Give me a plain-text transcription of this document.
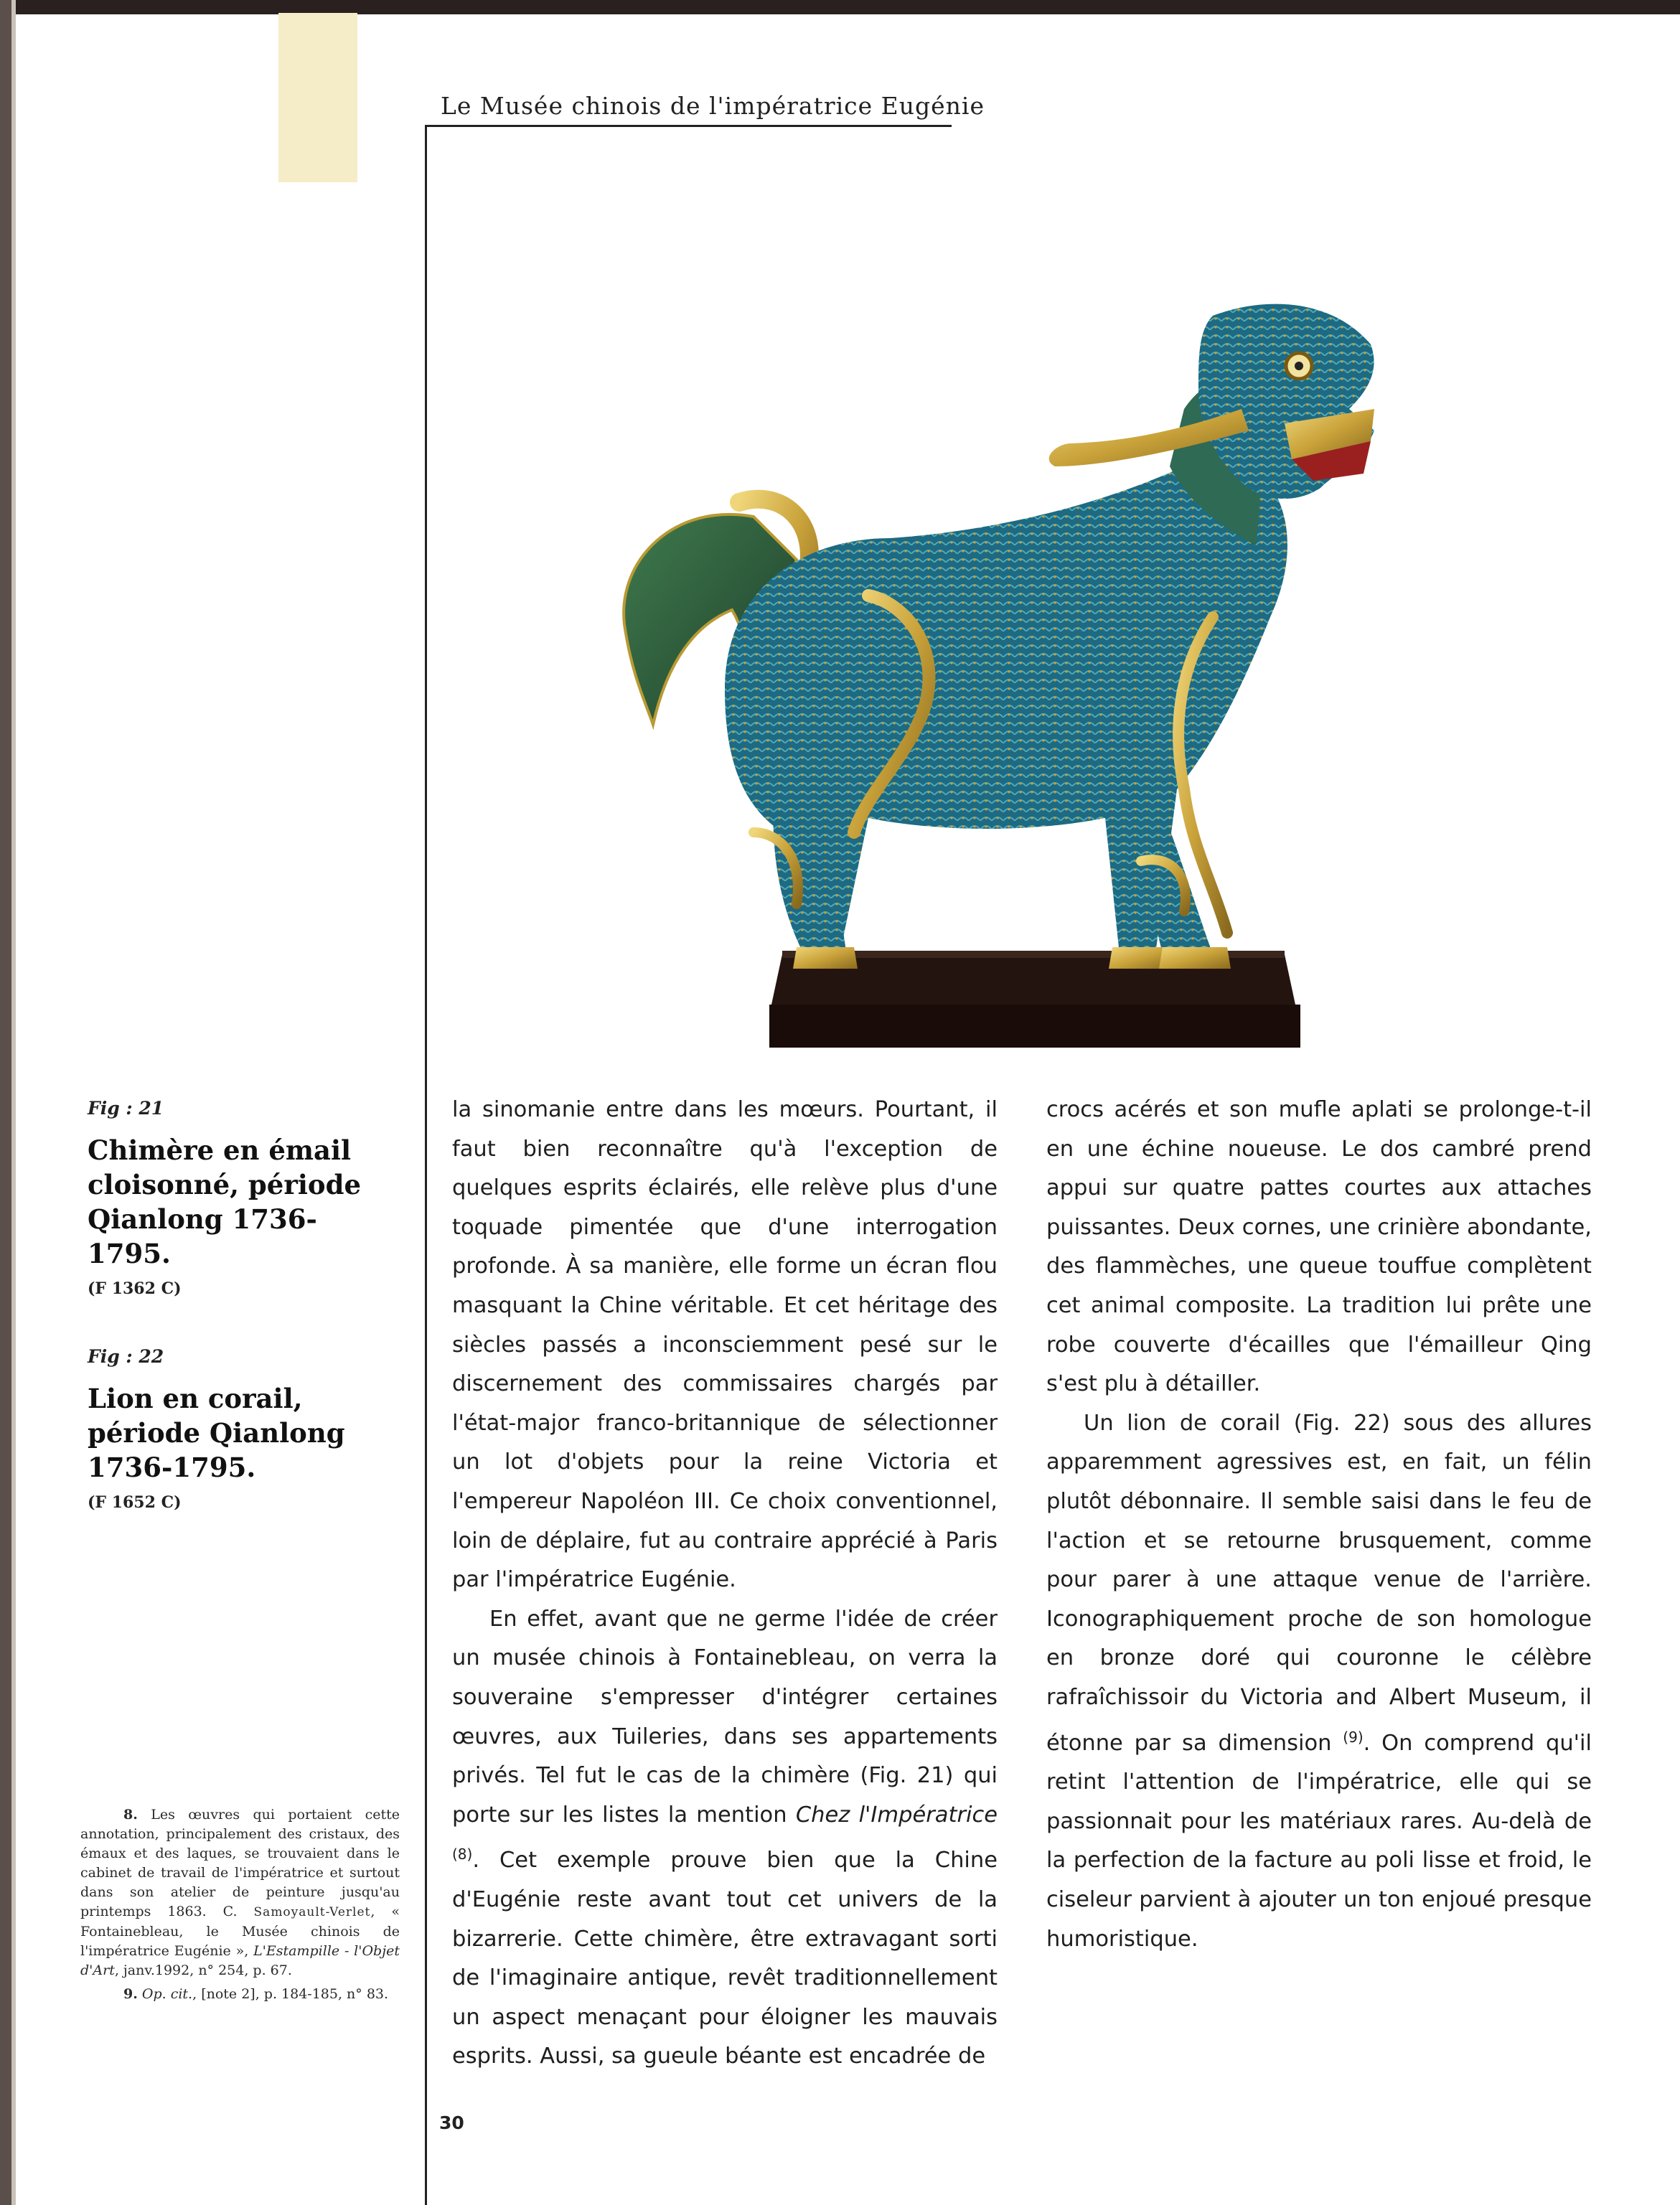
Le Musée chinois de l'impératrice Eugénie

Fig : 21

Chimère en émail cloisonné, période Qianlong 1736-1795.

(F 1362 C)

Fig : 22

Lion en corail, période Qianlong 1736-1795.

(F 1652 C)

8. Les œuvres qui portaient cette annotation, principalement des cristaux, des émaux et des laques, se trouvaient dans le cabinet de travail de l'impératrice et surtout dans son atelier de peinture jusqu'au printemps 1863. C. Samoyault-Verlet, « Fontainebleau, le Musée chinois de l'impératrice Eugénie », L'Estampille - l'Objet d'Art, janv.1992, n° 254, p. 67.

9. Op. cit., [note 2], p. 184-185, n° 83.

la sinomanie entre dans les mœurs. Pourtant, il faut bien reconnaître qu'à l'exception de quelques esprits éclairés, elle relève plus d'une toquade pimentée que d'une interrogation profonde. À sa manière, elle forme un écran flou masquant la Chine véritable. Et cet héritage des siècles passés a inconsciemment pesé sur le discernement des commissaires chargés par l'état-major franco-britannique de sélectionner un lot d'objets pour la reine Victoria et l'empereur Napoléon III. Ce choix conventionnel, loin de déplaire, fut au contraire apprécié à Paris par l'impératrice Eugénie.

En effet, avant que ne germe l'idée de créer un musée chinois à Fontainebleau, on verra la souveraine s'empresser d'intégrer certaines œuvres, aux Tuileries, dans ses appartements privés. Tel fut le cas de la chimère (Fig. 21) qui porte sur les listes la mention Chez l'Impératrice $^{(8)}$. Cet exemple prouve bien que la Chine d'Eugénie reste avant tout cet univers de la bizarrerie. Cette chimère, être extravagant sorti de l'imaginaire antique, revêt traditionnellement un aspect menaçant pour éloigner les mauvais esprits. Aussi, sa gueule béante est encadrée de

crocs acérés et son mufle aplati se prolonge-t-il en une échine noueuse. Le dos cambré prend appui sur quatre pattes courtes aux attaches puissantes. Deux cornes, une crinière abondante, des flammèches, une queue touffue complètent cet animal composite. La tradition lui prête une robe couverte d'écailles que l'émailleur Qing s'est plu à détailler.

Un lion de corail (Fig. 22) sous des allures apparemment agressives est, en fait, un félin plutôt débonnaire. Il semble saisi dans le feu de l'action et se retourne brusquement, comme pour parer à une attaque venue de l'arrière. Iconographiquement proche de son homologue en bronze doré qui couronne le célèbre rafraîchissoir du Victoria and Albert Museum, il étonne par sa dimension $^{(9)}$. On comprend qu'il retint l'attention de l'impératrice, elle qui se passionnait pour les matériaux rares. Au-delà de la perfection de la facture au poli lisse et froid, le ciseleur parvient à ajouter un ton enjoué presque humoristique.

30
